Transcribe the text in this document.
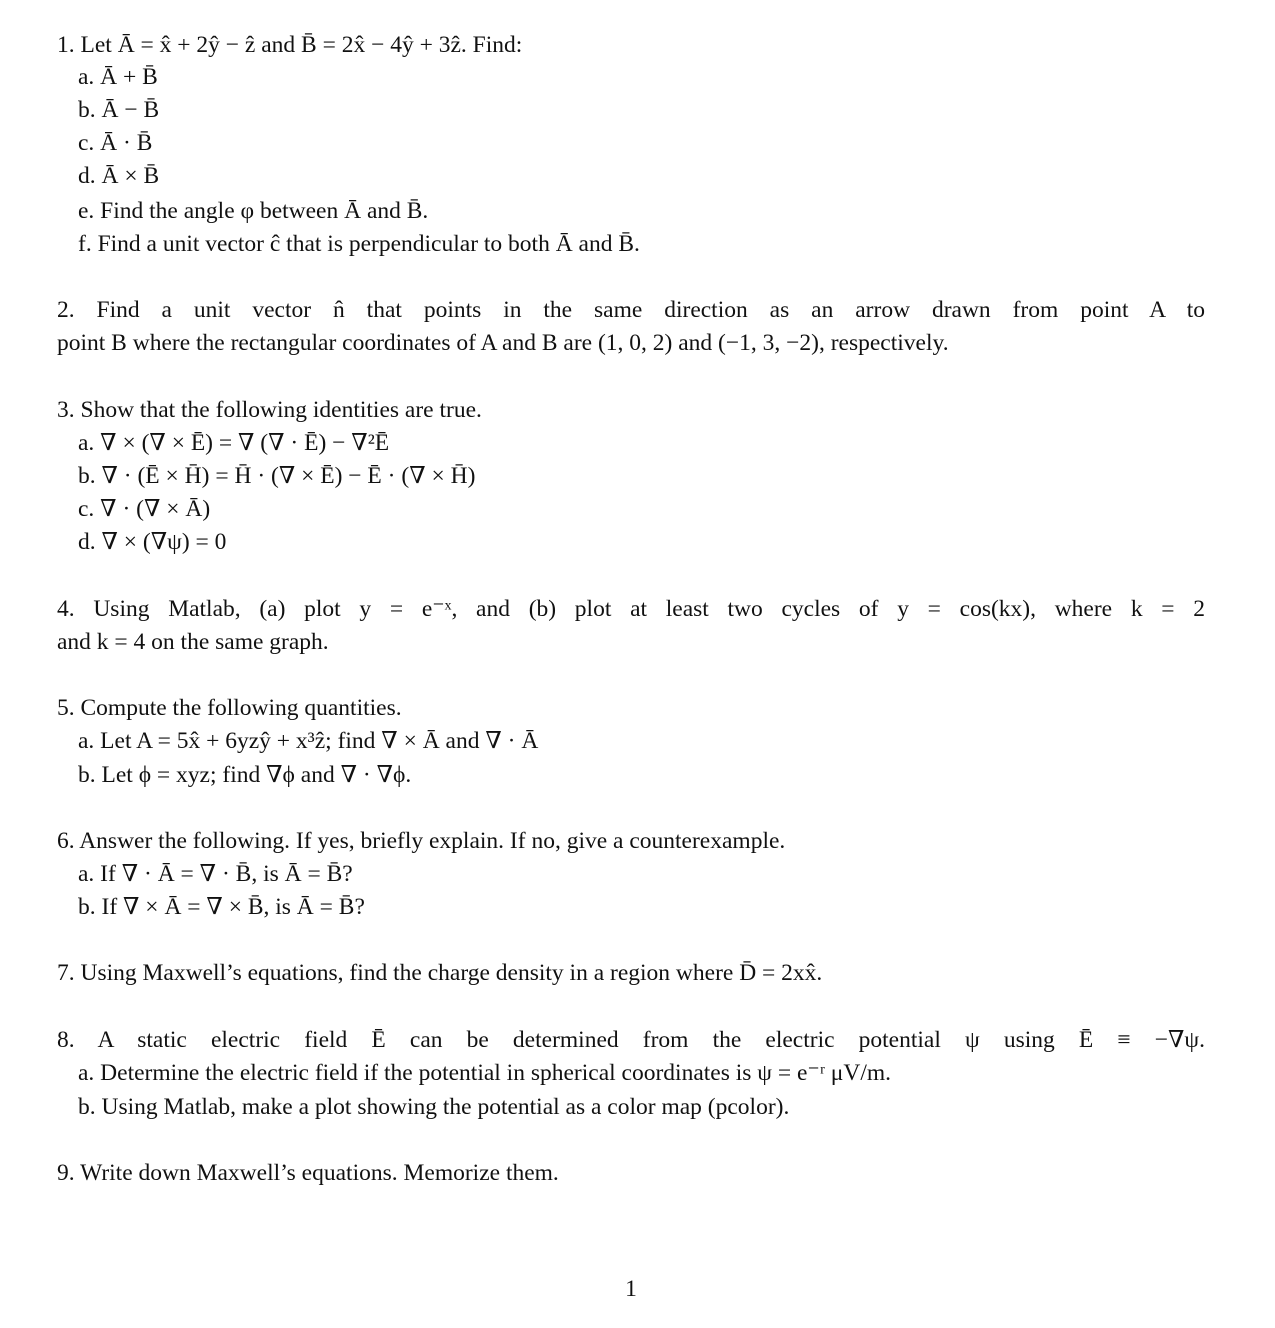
1. Let Ā = x̂ + 2ŷ − ẑ and B̄ = 2x̂ − 4ŷ + 3ẑ. Find:
a. Ā + B̄
b. Ā − B̄
c. Ā · B̄
d. Ā × B̄
e. Find the angle φ between Ā and B̄.
f. Find a unit vector ĉ that is perpendicular to both Ā and B̄.
2. Find a unit vector n̂ that points in the same direction as an arrow drawn from point A to
point B where the rectangular coordinates of A and B are (1, 0, 2) and (−1, 3, −2), respectively.
3. Show that the following identities are true.
a. ∇ × (∇ × Ē) = ∇ (∇ · Ē) − ∇²Ē
b. ∇ · (Ē × H̄) = H̄ · (∇ × Ē) − Ē · (∇ × H̄)
c. ∇ · (∇ × Ā)
d. ∇ × (∇ψ) = 0
4. Using Matlab, (a) plot y = e⁻ˣ, and (b) plot at least two cycles of y = cos(kx), where k = 2
and k = 4 on the same graph.
5. Compute the following quantities.
a. Let A = 5x̂ + 6yzŷ + x³ẑ; find ∇ × Ā and ∇ · Ā
b. Let ϕ = xyz; find ∇ϕ and ∇ · ∇ϕ.
6. Answer the following. If yes, briefly explain. If no, give a counterexample.
a. If ∇ · Ā = ∇ · B̄, is Ā = B̄?
b. If ∇ × Ā = ∇ × B̄, is Ā = B̄?
7. Using Maxwell’s equations, find the charge density in a region where D̄ = 2xx̂.
8. A static electric field Ē can be determined from the electric potential ψ using Ē ≡ −∇ψ.
a. Determine the electric field if the potential in spherical coordinates is ψ = e⁻ʳ μV/m.
b. Using Matlab, make a plot showing the potential as a color map (pcolor).
9. Write down Maxwell’s equations. Memorize them.
1
